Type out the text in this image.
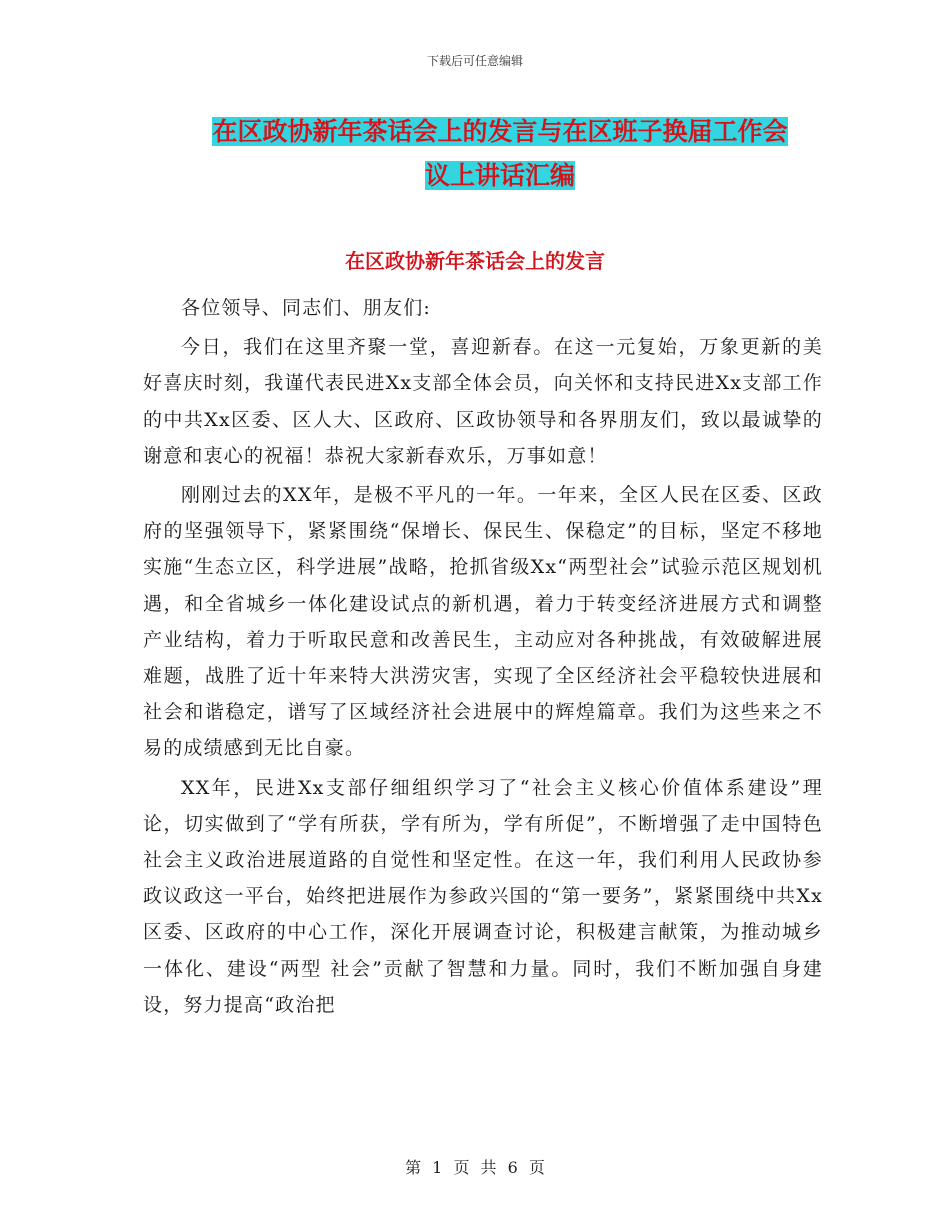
下载后可任意编辑
在区政协新年茶话会上的发言与在区班子换届工作会
议上讲话汇编
在区政协新年茶话会上的发言

各位领导、同志们、朋友们:

今日，我们在这里齐聚一堂，喜迎新春。在这一元复始，万象更新的美好喜庆时刻，我谨代表民进Xx支部全体会员，向关怀和支持民进Xx支部工作的中共Xx区委、区人大、区政府、区政协领导和各界朋友们，致以最诚挚的谢意和衷心的祝福！恭祝大家新春欢乐，万事如意！

刚刚过去的XX年，是极不平凡的一年。一年来，全区人民在区委、区政府的坚强领导下，紧紧围绕“保增长、保民生、保稳定”的目标，坚定不移地实施“生态立区，科学进展”战略，抢抓省级Xx“两型社会”试验示范区规划机遇，和全省城乡一体化建设试点的新机遇，着力于转变经济进展方式和调整产业结构，着力于听取民意和改善民生，主动应对各种挑战，有效破解进展难题，战胜了近十年来特大洪涝灾害，实现了全区经济社会平稳较快进展和社会和谐稳定，谱写了区域经济社会进展中的辉煌篇章。我们为这些来之不易的成绩感到无比自豪。

XX年，民进Xx支部仔细组织学习了“社会主义核心价值体系建设”理论，切实做到了“学有所获，学有所为，学有所促”，不断增强了走中国特色社会主义政治进展道路的自觉性和坚定性。在这一年，我们利用人民政协参政议政这一平台，始终把进展作为参政兴国的“第一要务”，紧紧围绕中共Xx区委、区政府的中心工作，深化开展调查讨论，积极建言献策，为推动城乡一体化、建设“两型 社会”贡献了智慧和力量。同时，我们不断加强自身建设，努力提高“政治把

第 1 页 共 6 页
